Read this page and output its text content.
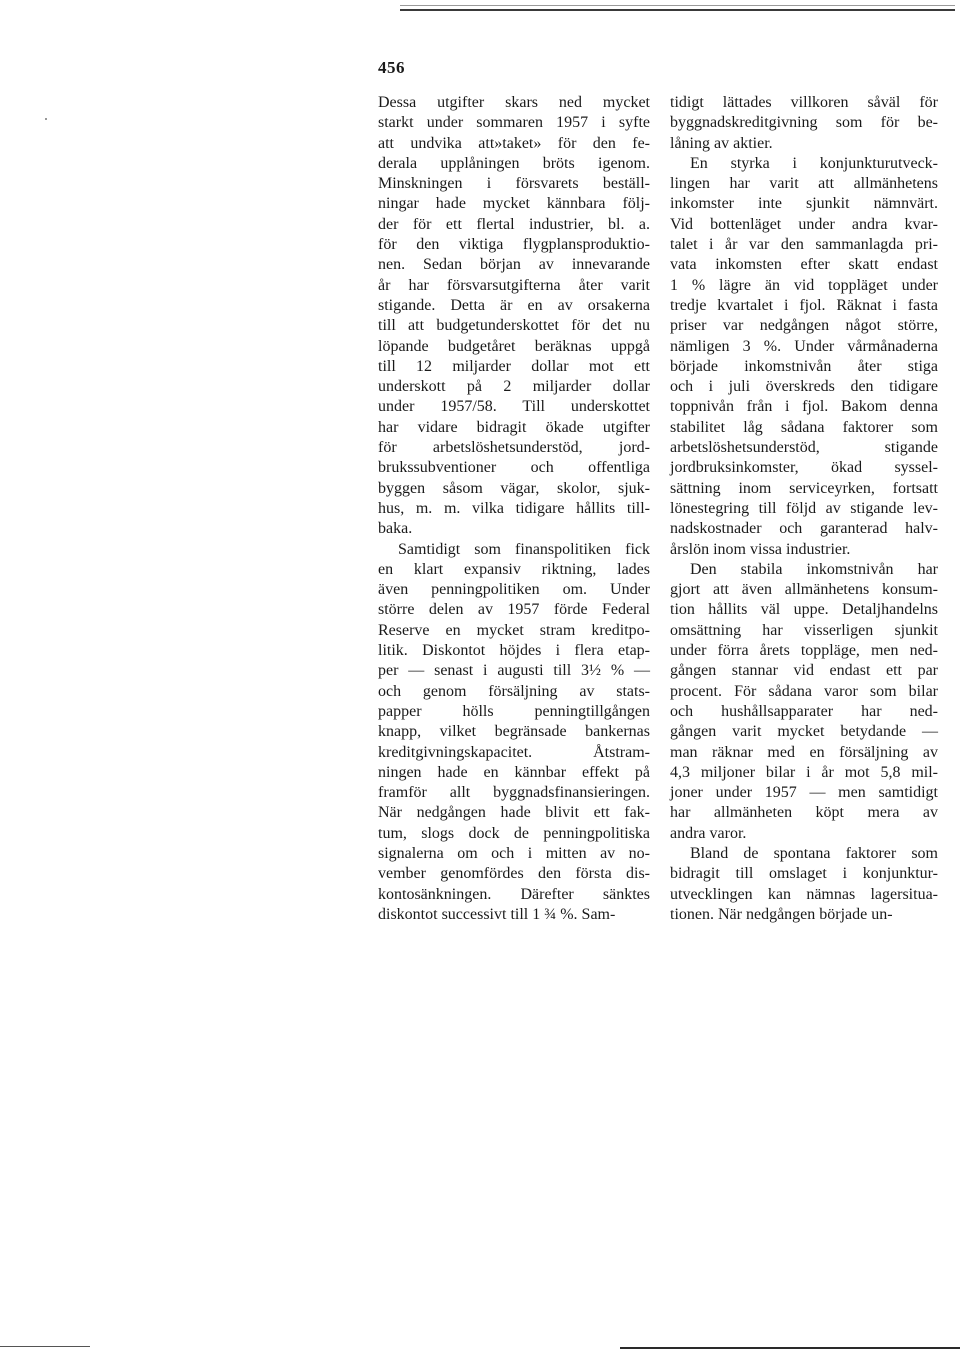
456
Dessa utgifter skars ned mycket
starkt under sommaren 1957 i syfte
att undvika att»taket» för den fe-
derala upplåningen bröts igenom.
Minskningen i försvarets beställ-
ningar hade mycket kännbara följ-
der för ett flertal industrier, bl. a.
för den viktiga flygplansproduktio-
nen. Sedan början av innevarande
år har försvarsutgifterna åter varit
stigande. Detta är en av orsakerna
till att budgetunderskottet för det nu
löpande budgetåret beräknas uppgå
till 12 miljarder dollar mot ett
underskott på 2 miljarder dollar
under 1957/58. Till underskottet
har vidare bidragit ökade utgifter
för arbetslöshetsunderstöd, jord-
brukssubventioner och offentliga
byggen såsom vägar, skolor, sjuk-
hus, m. m. vilka tidigare hållits till-
baka.
Samtidigt som finanspolitiken fick
en klart expansiv riktning, lades
även penningpolitiken om. Under
större delen av 1957 förde Federal
Reserve en mycket stram kreditpo-
litik. Diskontot höjdes i flera etap-
per — senast i augusti till 3½ % —
och genom försäljning av stats-
papper hölls penningtillgången
knapp, vilket begränsade bankernas
kreditgivningskapacitet. Åtstram-
ningen hade en kännbar effekt på
framför allt byggnadsfinansieringen.
När nedgången hade blivit ett fak-
tum, slogs dock de penningpolitiska
signalerna om och i mitten av no-
vember genomfördes den första dis-
kontosänkningen. Därefter sänktes
diskontot successivt till 1 ¾ %. Sam-
tidigt lättades villkoren såväl för
byggnadskreditgivning som för be-
låning av aktier.
En styrka i konjunkturutveck-
lingen har varit att allmänhetens
inkomster inte sjunkit nämnvärt.
Vid bottenläget under andra kvar-
talet i år var den sammanlagda pri-
vata inkomsten efter skatt endast
1 % lägre än vid toppläget under
tredje kvartalet i fjol. Räknat i fasta
priser var nedgången något större,
nämligen 3 %. Under vårmånaderna
började inkomstnivån åter stiga
och i juli överskreds den tidigare
toppnivån från i fjol. Bakom denna
stabilitet låg sådana faktorer som
arbetslöshetsunderstöd, stigande
jordbruksinkomster, ökad syssel-
sättning inom serviceyrken, fortsatt
lönestegring till följd av stigande lev-
nadskostnader och garanterad halv-
årslön inom vissa industrier.
Den stabila inkomstnivån har
gjort att även allmänhetens konsum-
tion hållits väl uppe. Detaljhandelns
omsättning har visserligen sjunkit
under förra årets toppläge, men ned-
gången stannar vid endast ett par
procent. För sådana varor som bilar
och hushållsapparater har ned-
gången varit mycket betydande —
man räknar med en försäljning av
4,3 miljoner bilar i år mot 5,8 mil-
joner under 1957 — men samtidigt
har allmänheten köpt mera av
andra varor.
Bland de spontana faktorer som
bidragit till omslaget i konjunktur-
utvecklingen kan nämnas lagersitua-
tionen. När nedgången började un-
